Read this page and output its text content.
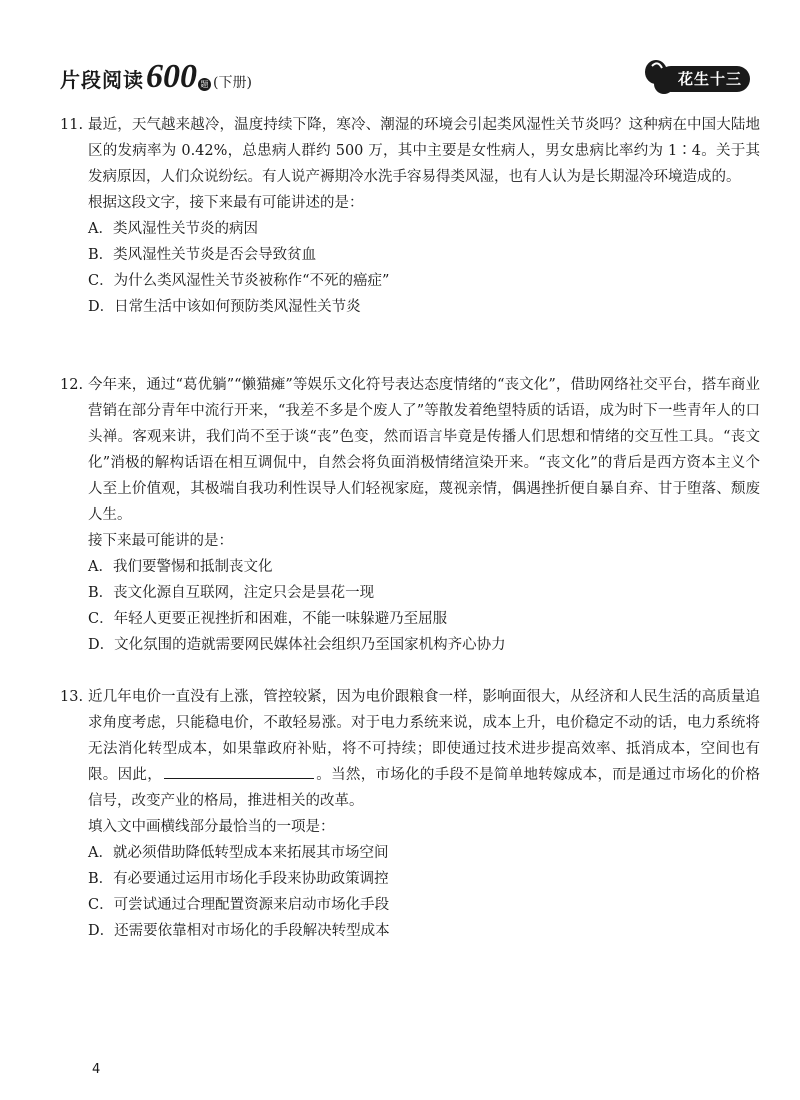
片段阅读 600 题 (下册)	花生十三
11. 最近，天气越来越冷，温度持续下降，寒冷、潮湿的环境会引起类风湿性关节炎吗？这种病在中国大陆地区的发病率为 0.42%，总患病人群约 500 万，其中主要是女性病人，男女患病比率约为 1∶4。关于其发病原因，人们众说纷纭。有人说产褥期冷水洗手容易得类风湿，也有人认为是长期湿冷环境造成的。

根据这段文字，接下来最有可能讲述的是：

A．类风湿性关节炎的病因

B．类风湿性关节炎是否会导致贫血

C．为什么类风湿性关节炎被称作“不死的癌症”

D．日常生活中该如何预防类风湿性关节炎

12. 今年来，通过“葛优躺”“懒猫瘫”等娱乐文化符号表达态度情绪的“丧文化”，借助网络社交平台，搭车商业营销在部分青年中流行开来，“我差不多是个废人了”等散发着绝望特质的话语，成为时下一些青年人的口头禅。客观来讲，我们尚不至于谈“丧”色变，然而语言毕竟是传播人们思想和情绪的交互性工具。“丧文化”消极的解构话语在相互调侃中，自然会将负面消极情绪渲染开来。“丧文化”的背后是西方资本主义个人至上价值观，其极端自我功利性误导人们轻视家庭，蔑视亲情，偶遇挫折便自暴自弃、甘于堕落、颓废人生。

接下来最可能讲的是：

A．我们要警惕和抵制丧文化

B．丧文化源自互联网，注定只会是昙花一现

C．年轻人更要正视挫折和困难，不能一味躲避乃至屈服

D．文化氛围的造就需要网民媒体社会组织乃至国家机构齐心协力

13. 近几年电价一直没有上涨，管控较紧，因为电价跟粮食一样，影响面很大，从经济和人民生活的高质量追求角度考虑，只能稳电价，不敢轻易涨。对于电力系统来说，成本上升，电价稳定不动的话，电力系统将无法消化转型成本，如果靠政府补贴，将不可持续；即使通过技术进步提高效率、抵消成本，空间也有限。因此，	。当然，市场化的手段不是简单地转嫁成本，而是通过市场化的价格信号，改变产业的格局，推进相关的改革。

填入文中画横线部分最恰当的一项是：

A．就必须借助降低转型成本来拓展其市场空间

B．有必要通过运用市场化手段来协助政策调控

C．可尝试通过合理配置资源来启动市场化手段

D．还需要依靠相对市场化的手段解决转型成本

4
